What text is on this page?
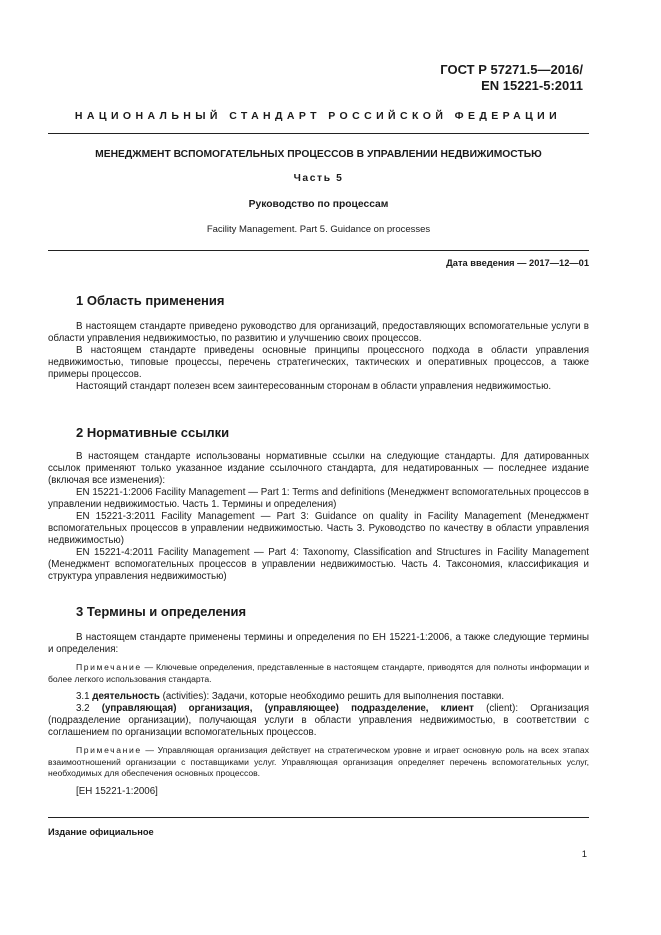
ГОСТ Р 57271.5—2016/
EN 15221-5:2011
НАЦИОНАЛЬНЫЙ СТАНДАРТ РОССИЙСКОЙ ФЕДЕРАЦИИ
МЕНЕДЖМЕНТ ВСПОМОГАТЕЛЬНЫХ ПРОЦЕССОВ В УПРАВЛЕНИИ НЕДВИЖИМОСТЬЮ
Часть 5
Руководство по процессам
Facility Management. Part 5. Guidance on processes
Дата введения — 2017—12—01
1 Область применения

В настоящем стандарте приведено руководство для организаций, предоставляющих вспомогательные услуги в области управления недвижимостью, по развитию и улучшению своих процессов.

В настоящем стандарте приведены основные принципы процессного подхода в области управления недвижимостью, типовые процессы, перечень стратегических, тактических и оперативных процессов, а также примеры процессов.

Настоящий стандарт полезен всем заинтересованным сторонам в области управления недвижимостью.

2 Нормативные ссылки

В настоящем стандарте использованы нормативные ссылки на следующие стандарты. Для датированных ссылок применяют только указанное издание ссылочного стандарта, для недатированных — последнее издание (включая все изменения):

EN 15221-1:2006 Facility Management — Part 1: Terms and definitions (Менеджмент вспомогательных процессов в управлении недвижимостью. Часть 1. Термины и определения)

EN 15221-3:2011 Facility Management — Part 3: Guidance on quality in Facility Management (Менеджмент вспомогательных процессов в управлении недвижимостью. Часть 3. Руководство по качеству в области управления недвижимостью)

EN 15221-4:2011 Facility Management — Part 4: Taxonomy, Classification and Structures in Facility Management (Менеджмент вспомогательных процессов в управлении недвижимостью. Часть 4. Таксономия, классификация и структура управления недвижимостью)

3 Термины и определения

В настоящем стандарте применены термины и определения по ЕН 15221-1:2006, а также следующие термины и определения:

Примечание — Ключевые определения, представленные в настоящем стандарте, приводятся для полноты информации и более легкого использования стандарта.

3.1 деятельность (activities): Задачи, которые необходимо решить для выполнения поставки.

3.2 (управляющая) организация, (управляющее) подразделение, клиент (client): Организация (подразделение организации), получающая услуги в области управления недвижимостью, в соответствии с соглашением по организации вспомогательных процессов.

Примечание — Управляющая организация действует на стратегическом уровне и играет основную роль на всех этапах взаимоотношений организации с поставщиками услуг. Управляющая организация определяет перечень вспомогательных услуг, необходимых для обеспечения основных процессов.

[ЕН 15221-1:2006]

Издание официальное
1
